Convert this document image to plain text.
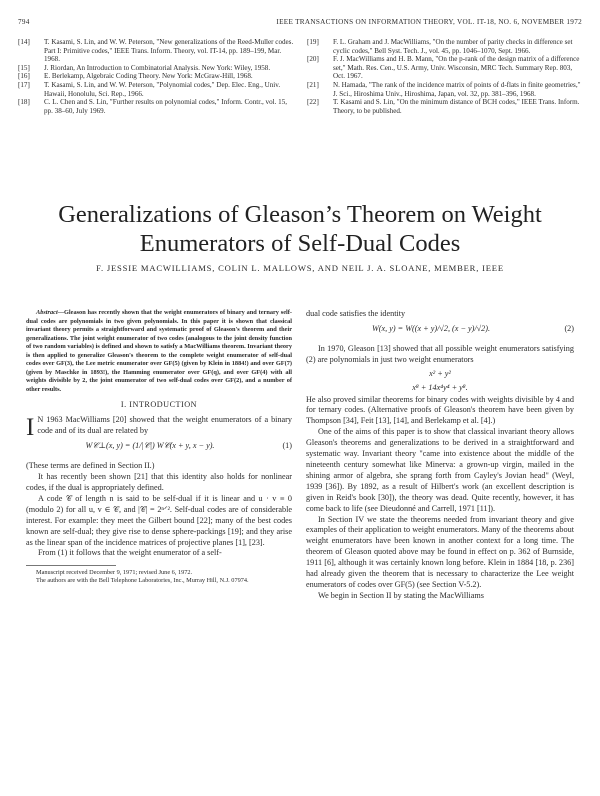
794	IEEE TRANSACTIONS ON INFORMATION THEORY, VOL. IT-18, NO. 6, NOVEMBER 1972
[14] T. Kasami, S. Lin, and W. W. Peterson, "New generalizations of the Reed-Muller codes. Part I: Primitive codes," IEEE Trans. Inform. Theory, vol. IT-14, pp. 189–199, Mar. 1968.
[15] J. Riordan, An Introduction to Combinatorial Analysis. New York: Wiley, 1958.
[16] E. Berlekamp, Algebraic Coding Theory. New York: McGraw-Hill, 1968.
[17] T. Kasami, S. Lin, and W. W. Peterson, "Polynomial codes," Dep. Elec. Eng., Univ. Hawaii, Honolulu, Sci. Rep., 1966.
[18] C. L. Chen and S. Lin, "Further results on polynomial codes," Inform. Contr., vol. 15, pp. 38–60, July 1969.
[19] F. L. Graham and J. MacWilliams, "On the number of parity checks in difference set cyclic codes," Bell Syst. Tech. J., vol. 45, pp. 1046–1070, Sept. 1966.
[20] F. J. MacWilliams and H. B. Mann, "On the p-rank of the design matrix of a difference set," Math. Res. Cen., U.S. Army, Univ. Wisconsin, MRC Tech. Summary Rep. 803, Oct. 1967.
[21] N. Hamada, "The rank of the incidence matrix of points of d-flats in finite geometries," J. Sci., Hiroshima Univ., Hiroshima, Japan, vol. 32, pp. 381–396, 1968.
[22] T. Kasami and S. Lin, "On the minimum distance of BCH codes," IEEE Trans. Inform. Theory, to be published.
Generalizations of Gleason’s Theorem on Weight
Enumerators of Self-Dual Codes
F. JESSIE MACWILLIAMS, COLIN L. MALLOWS, AND NEIL J. A. SLOANE, MEMBER, IEEE

Abstract—Gleason has recently shown that the weight enumerators of binary and ternary self-dual codes are polynomials in two given polynomials. In this paper it is shown that classical invariant theory permits a straightforward and systematic proof of Gleason's theorem and their generalizations. The joint weight enumerator of two codes (analogous to the joint density function of two random variables) is defined and shown to satisfy a MacWilliams theorem. Invariant theory is then applied to generalize Gleason's theorem to the complete weight enumerator of self-dual codes over GF(3), the Lee metric enumerator over GF(5) (given by Klein in 1884!) and over GF(7) (given by Maschke in 1893!), the Hamming enumerator over GF(q), and over GF(4) with all weights divisible by 2, the joint enumerator of two self-dual codes over GF(2), and a number of other results.

I. INTRODUCTION

I N 1963 MacWilliams [20] showed that the weight enumerators of a binary code and of its dual are related by

W𝒞⊥(x, y) = (1/|𝒞|) W𝒞(x + y, x − y).	(1)

(These terms are defined in Section II.)

It has recently been shown [21] that this identity also holds for nonlinear codes, if the dual is appropriately defined.

A code 𝒞 of length n is said to be self-dual if it is linear and u · v ≡ 0 (modulo 2) for all u, v ∈ 𝒞, and |𝒞| = 2ⁿᐟ². Self-dual codes are of considerable interest. For example: they meet the Gilbert bound [22]; many of the best codes known are self-dual; they give rise to dense sphere-packings [19]; and they arise as the linear span of the incidence matrices of projective planes [1], [23].

From (1) it follows that the weight enumerator of a self-

Manuscript received December 9, 1971; revised June 6, 1972.

The authors are with the Bell Telephone Laboratories, Inc., Murray Hill, N.J. 07974.

dual code satisfies the identity

W(x, y) = W((x + y)/√2, (x − y)/√2).	(2)

In 1970, Gleason [13] showed that all possible weight enumerators satisfying (2) are polynomials in just two weight enumerators

x² + y²
x⁸ + 14x⁴y⁴ + y⁸.

He also proved similar theorems for binary codes with weights divisible by 4 and for ternary codes. (Alternative proofs of Gleason's theorem have been given by Thompson [34], Feit [13], [14], and Berlekamp et al. [4].)

One of the aims of this paper is to show that classical invariant theory allows Gleason's theorems and generalizations to be derived in a straightforward and systematic way. Invariant theory "came into existence about the middle of the nineteenth century somewhat like Minerva: a grown-up virgin, mailed in the shining armor of algebra, she sprang forth from Cayley's Jovian head" (Weyl, 1939 [36]). By 1892, as a result of Hilbert's work (an excellent description is given in Reid's book [30]), the theory was dead. Quite recently, however, it has come back to life (see Dieudonné and Carrell, 1971 [11]).

In Section IV we state the theorems needed from invariant theory and give examples of their application to weight enumerators. Many of the theorems about weight enumerators have been known in another context for a long time. The theorem of Gleason quoted above may be found in effect on p. 362 of Burnside, 1911 [6], although it was certainly known long before. Klein in 1884 [18, p. 236] had already given the theorem that is necessary to characterize the Lee weight enumerators of codes over GF(5) (see Section V-5.2).

We begin in Section II by stating the MacWilliams
